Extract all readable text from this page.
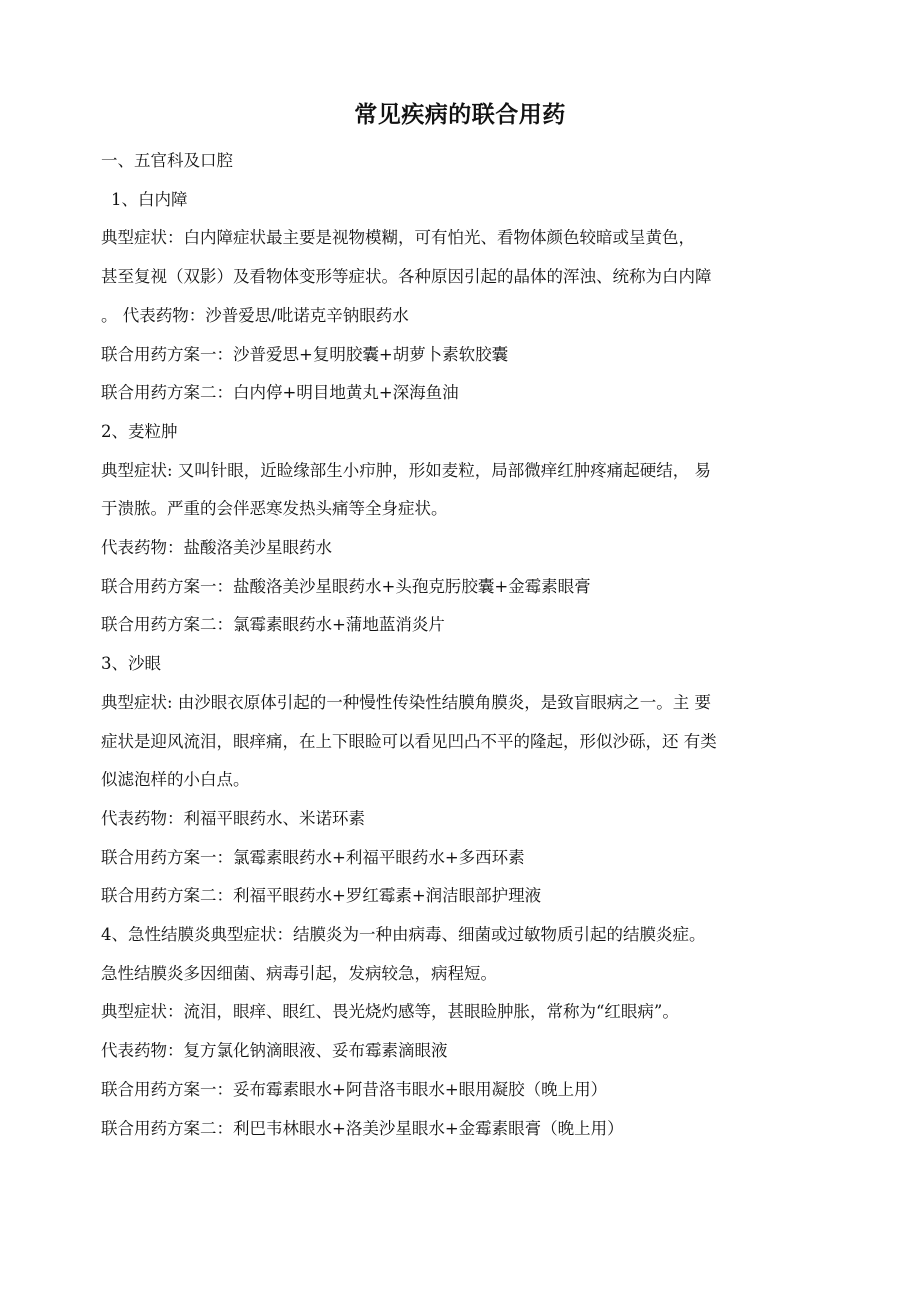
常见疾病的联合用药
一、五官科及口腔
1、白内障
典型症状：白内障症状最主要是视物模糊，可有怕光、看物体颜色较暗或呈黄色，
甚至复视（双影）及看物体变形等症状。各种原因引起的晶体的浑浊、统称为白内障
。 代表药物：沙普爱思/吡诺克辛钠眼药水
联合用药方案一：沙普爱思+复明胶囊+胡萝卜素软胶囊
联合用药方案二：白内停+明目地黄丸+深海鱼油
2、麦粒肿
典型症状: 又叫针眼，近睑缘部生小疖肿，形如麦粒，局部微痒红肿疼痛起硬结， 易
于溃脓。严重的会伴恶寒发热头痛等全身症状。
代表药物：盐酸洛美沙星眼药水
联合用药方案一：盐酸洛美沙星眼药水+头孢克肟胶囊+金霉素眼膏
联合用药方案二：氯霉素眼药水+蒲地蓝消炎片
3、沙眼
典型症状: 由沙眼衣原体引起的一种慢性传染性结膜角膜炎，是致盲眼病之一。主 要
症状是迎风流泪，眼痒痛，在上下眼睑可以看见凹凸不平的隆起，形似沙砾，还 有类
似滤泡样的小白点。
代表药物：利福平眼药水、米诺环素
联合用药方案一：氯霉素眼药水+利福平眼药水+多西环素
联合用药方案二：利福平眼药水+罗红霉素+润洁眼部护理液
4、急性结膜炎典型症状：结膜炎为一种由病毒、细菌或过敏物质引起的结膜炎症。
急性结膜炎多因细菌、病毒引起，发病较急，病程短。
典型症状：流泪，眼痒、眼红、畏光烧灼感等，甚眼睑肿胀，常称为“红眼病”。
代表药物：复方氯化钠滴眼液、妥布霉素滴眼液
联合用药方案一：妥布霉素眼水+阿昔洛韦眼水+眼用凝胶（晚上用）
联合用药方案二：利巴韦林眼水+洛美沙星眼水+金霉素眼膏（晚上用）
